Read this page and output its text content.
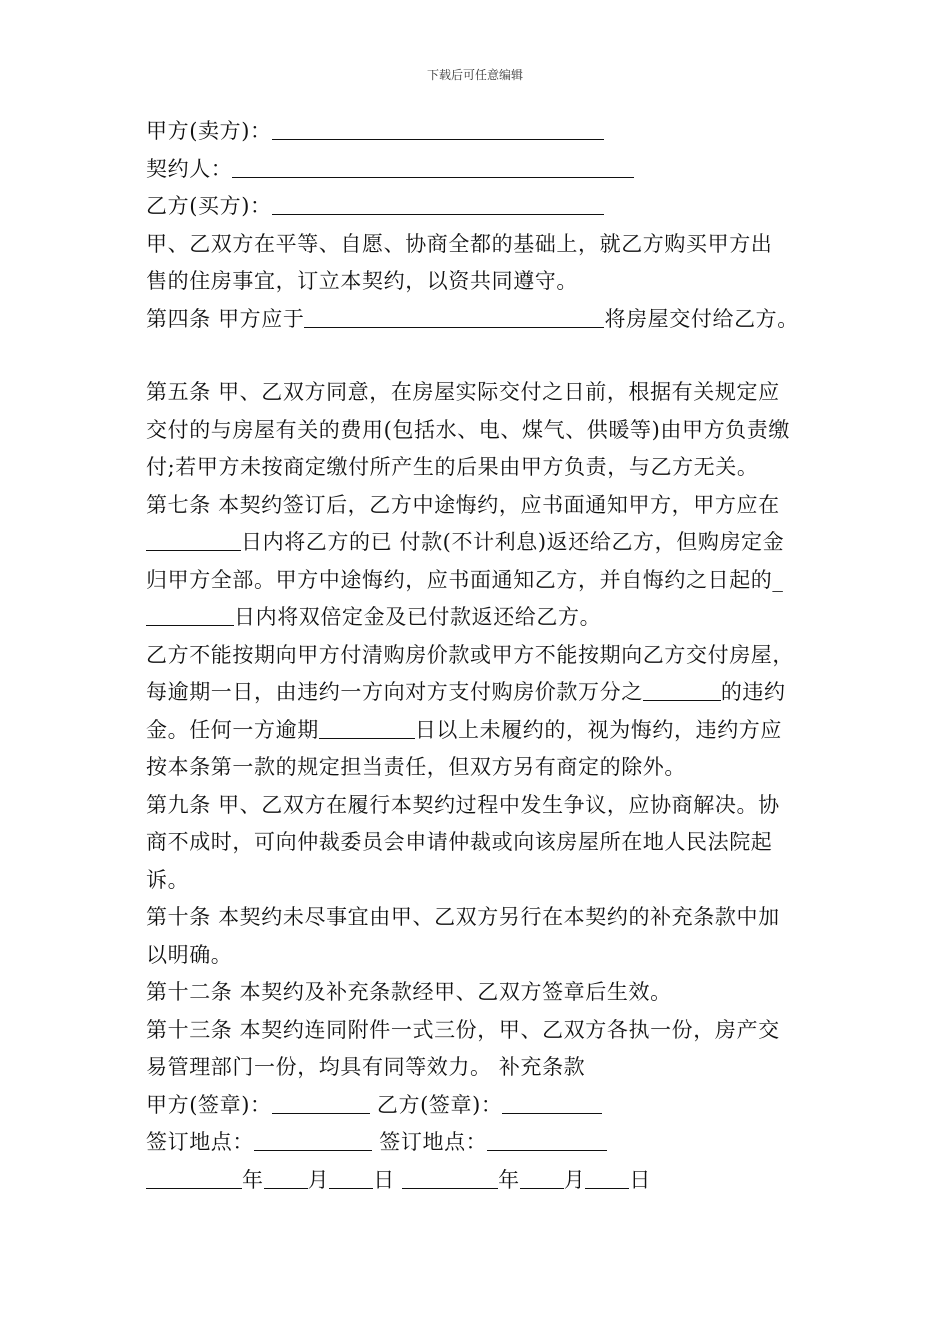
下载后可任意编辑
甲方(卖方)：
契约人：
乙方(买方)：
甲、乙双方在平等、自愿、协商全都的基础上，就乙方购买甲方出
售的住房事宜，订立本契约，以资共同遵守。
第四条 甲方应于	将房屋交付给乙方。
第五条 甲、乙双方同意，在房屋实际交付之日前，根据有关规定应
交付的与房屋有关的费用(包括水、电、煤气、供暖等)由甲方负责缴
付;若甲方未按商定缴付所产生的后果由甲方负责，与乙方无关。
第七条 本契约签订后，乙方中途悔约，应书面通知甲方，甲方应在
日内将乙方的已 付款(不计利息)返还给乙方，但购房定金
归甲方全部。甲方中途悔约，应书面通知乙方，并自悔约之日起的_
日内将双倍定金及已付款返还给乙方。
乙方不能按期向甲方付清购房价款或甲方不能按期向乙方交付房屋，
每逾期一日，由违约一方向对方支付购房价款万分之	的违约
金。任何一方逾期	日以上未履约的，视为悔约，违约方应
按本条第一款的规定担当责任，但双方另有商定的除外。
第九条 甲、乙双方在履行本契约过程中发生争议，应协商解决。协
商不成时，可向仲裁委员会申请仲裁或向该房屋所在地人民法院起
诉。
第十条 本契约未尽事宜由甲、乙双方另行在本契约的补充条款中加
以明确。
第十二条 本契约及补充条款经甲、乙双方签章后生效。
第十三条 本契约连同附件一式三份，甲、乙双方各执一份，房产交
易管理部门一份，均具有同等效力。 补充条款
甲方(签章)：	乙方(签章)：
签订地点：	签订地点：
年 月 日	年 月 日
